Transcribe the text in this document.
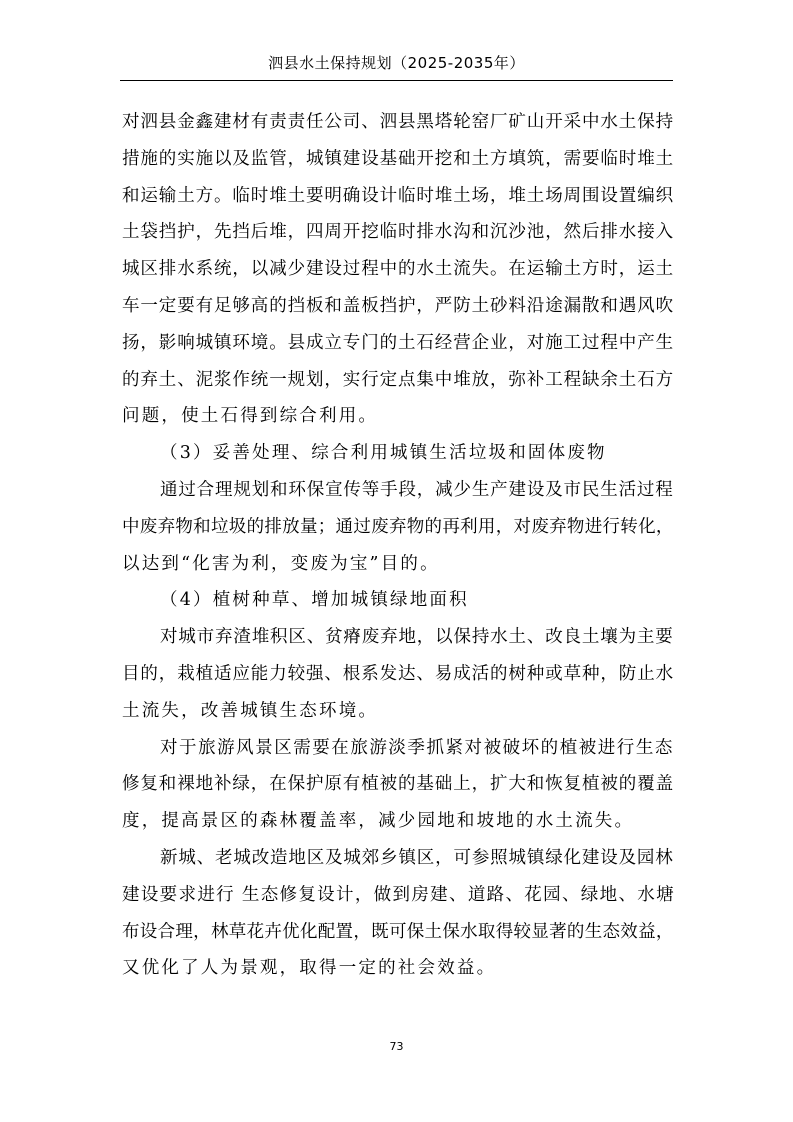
泗县水土保持规划（2025-2035年）
对泗县金鑫建材有责责任公司、泗县黑塔轮窑厂矿山开采中水土保持
措施的实施以及监管，城镇建设基础开挖和土方填筑，需要临时堆土
和运输土方。临时堆土要明确设计临时堆土场，堆土场周围设置编织
土袋挡护，先挡后堆，四周开挖临时排水沟和沉沙池，然后排水接入
城区排水系统，以减少建设过程中的水土流失。在运输土方时，运土
车一定要有足够高的挡板和盖板挡护，严防土砂料沿途漏散和遇风吹
扬，影响城镇环境。县成立专门的土石经营企业，对施工过程中产生
的弃土、泥浆作统一规划，实行定点集中堆放，弥补工程缺余土石方
问题，使土石得到综合利用。
（3）妥善处理、综合利用城镇生活垃圾和固体废物
通过合理规划和环保宣传等手段，减少生产建设及市民生活过程
中废弃物和垃圾的排放量；通过废弃物的再利用，对废弃物进行转化，
以达到“化害为利，变废为宝”目的。
（4）植树种草、增加城镇绿地面积
对城市弃渣堆积区、贫瘠废弃地，以保持水土、改良土壤为主要
目的，栽植适应能力较强、根系发达、易成活的树种或草种，防止水
土流失，改善城镇生态环境。
对于旅游风景区需要在旅游淡季抓紧对被破坏的植被进行生态
修复和裸地补绿，在保护原有植被的基础上，扩大和恢复植被的覆盖
度，提高景区的森林覆盖率，减少园地和坡地的水土流失。
新城、老城改造地区及城郊乡镇区，可参照城镇绿化建设及园林
建设要求进行 生态修复设计，做到房建、道路、花园、绿地、水塘
布设合理，林草花卉优化配置，既可保土保水取得较显著的生态效益，
又优化了人为景观，取得一定的社会效益。
73
